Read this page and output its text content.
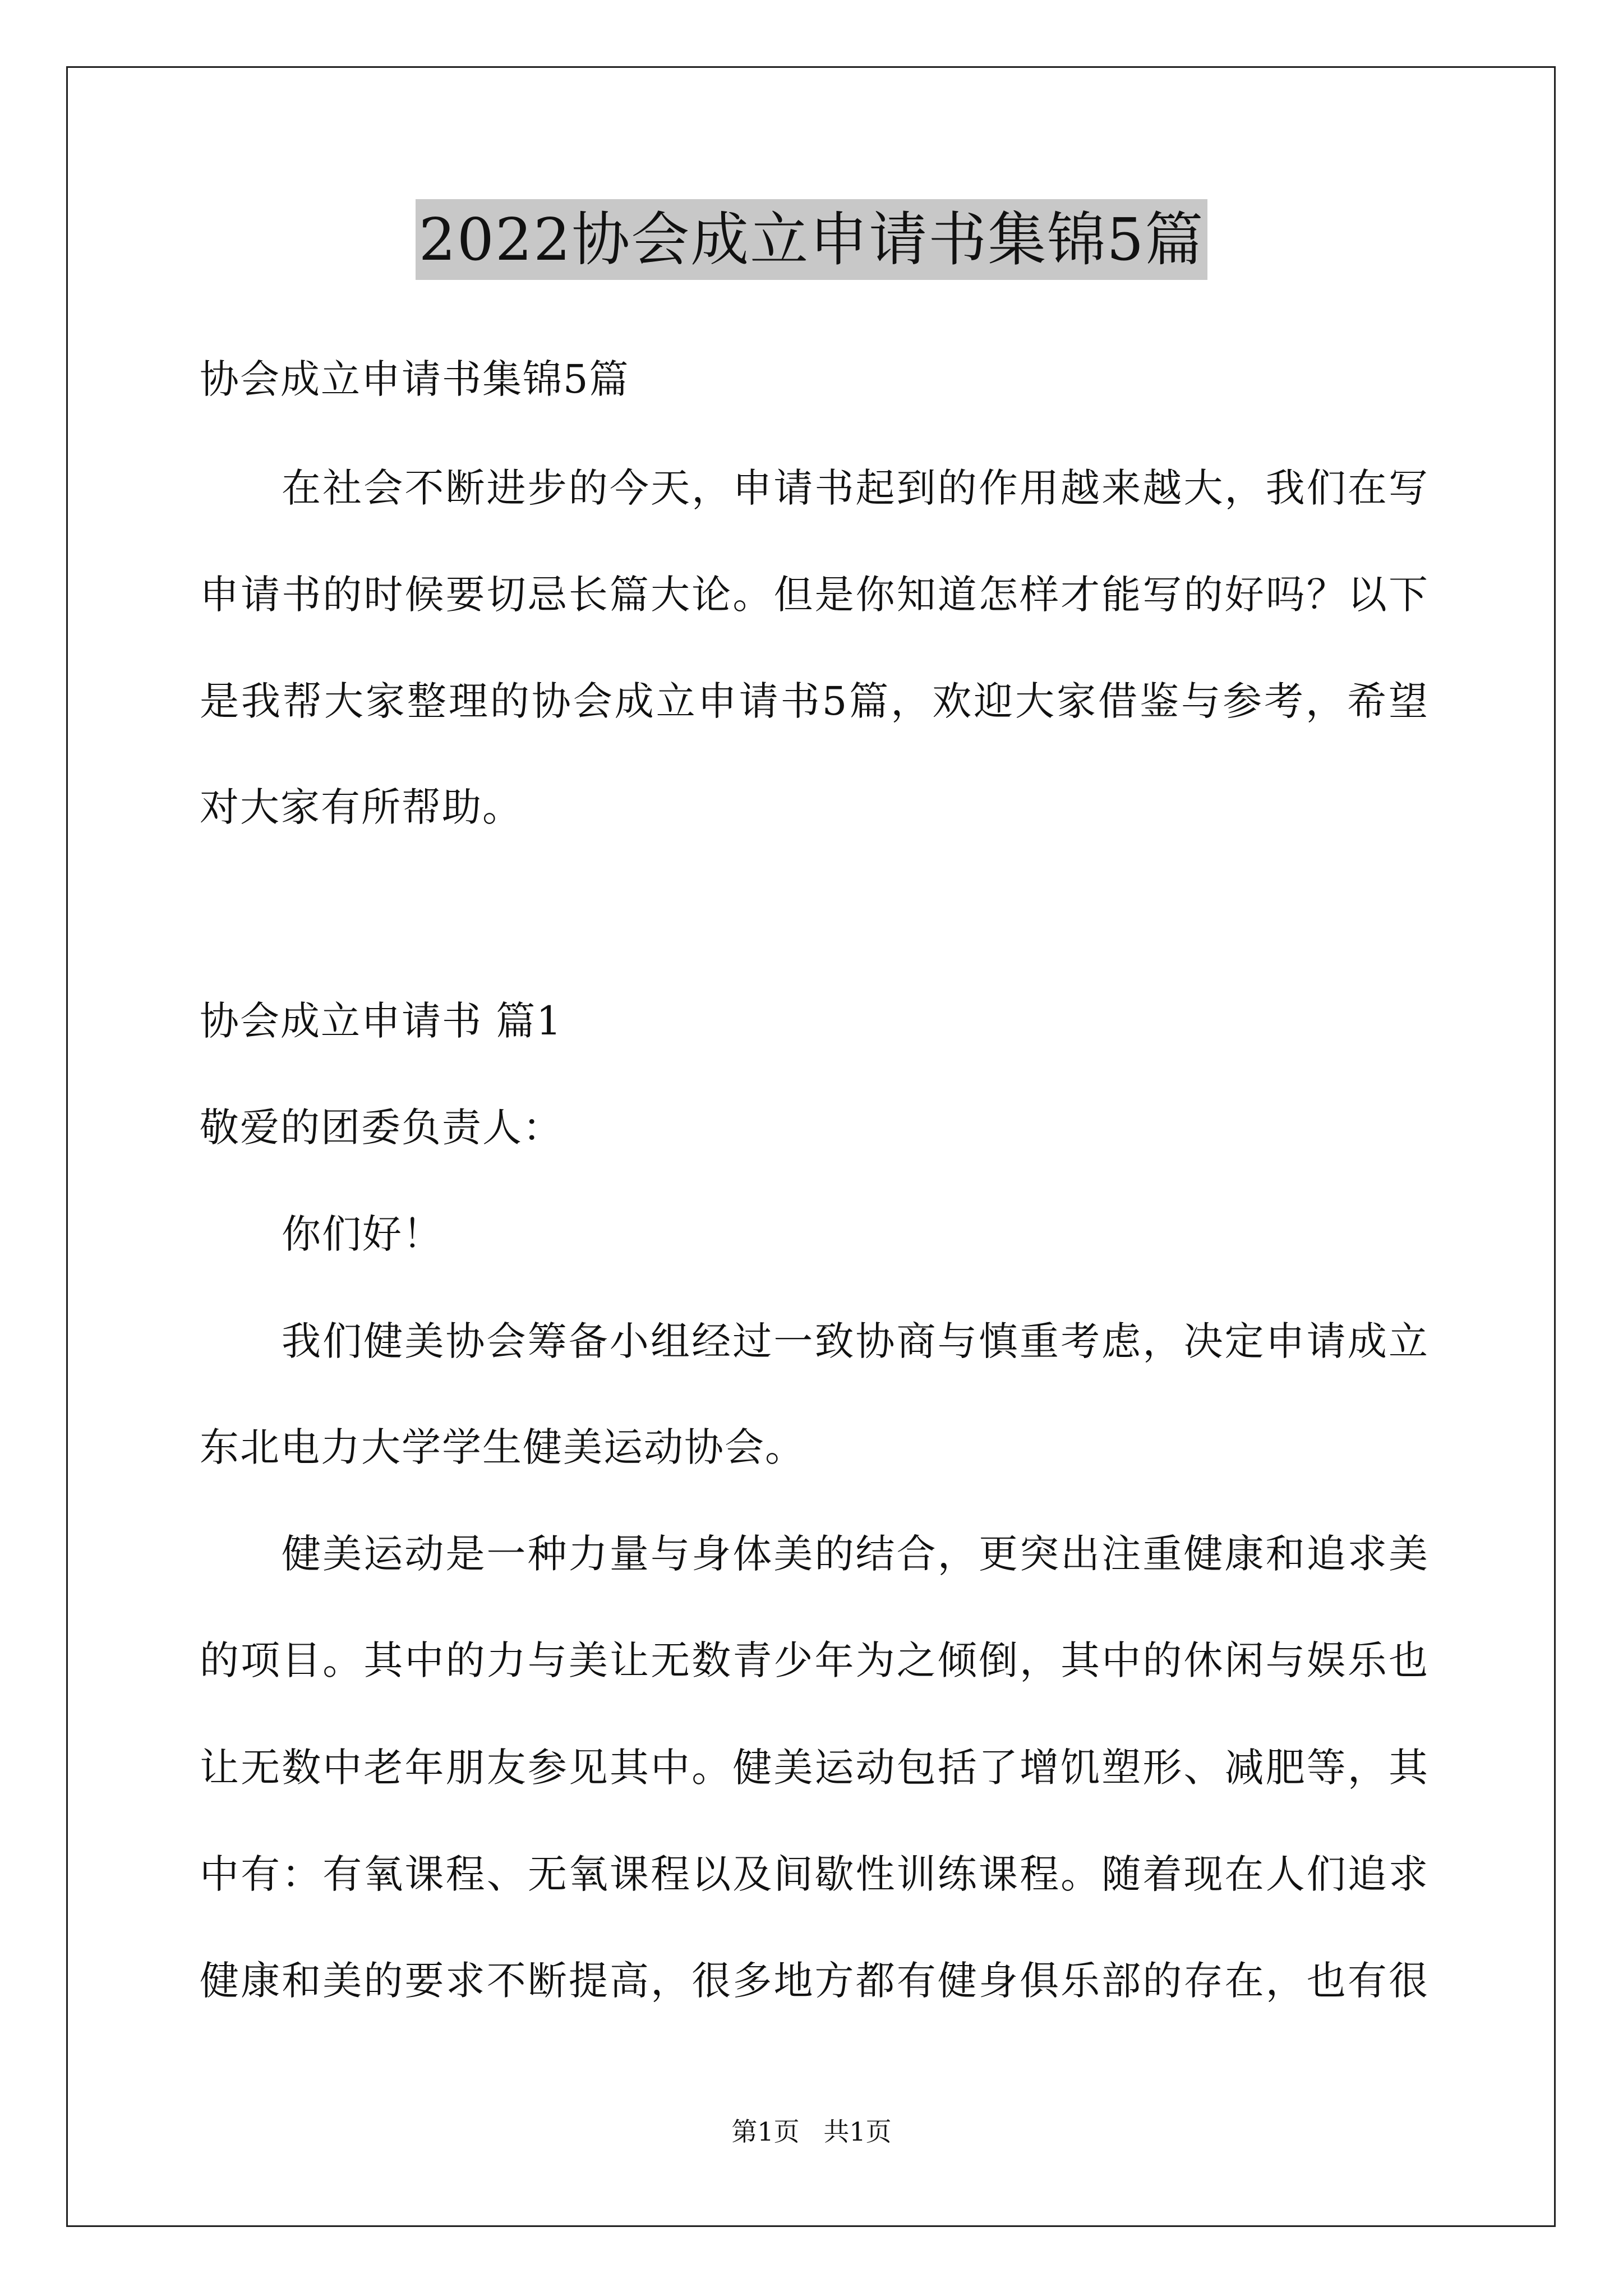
2022协会成立申请书集锦5篇
协会成立申请书集锦5篇
在社会不断进步的今天，申请书起到的作用越来越大，我们在写
申请书的时候要切忌长篇大论。但是你知道怎样才能写的好吗？以下
是我帮大家整理的协会成立申请书5篇，欢迎大家借鉴与参考，希望
对大家有所帮助。
协会成立申请书 篇1
敬爱的团委负责人：
你们好！
我们健美协会筹备小组经过一致协商与慎重考虑，决定申请成立
东北电力大学学生健美运动协会。
健美运动是一种力量与身体美的结合，更突出注重健康和追求美
的项目。其中的力与美让无数青少年为之倾倒，其中的休闲与娱乐也
让无数中老年朋友参见其中。健美运动包括了增饥塑形、减肥等，其
中有：有氧课程、无氧课程以及间歇性训练课程。随着现在人们追求
健康和美的要求不断提高，很多地方都有健身俱乐部的存在，也有很
第1页 共1页
